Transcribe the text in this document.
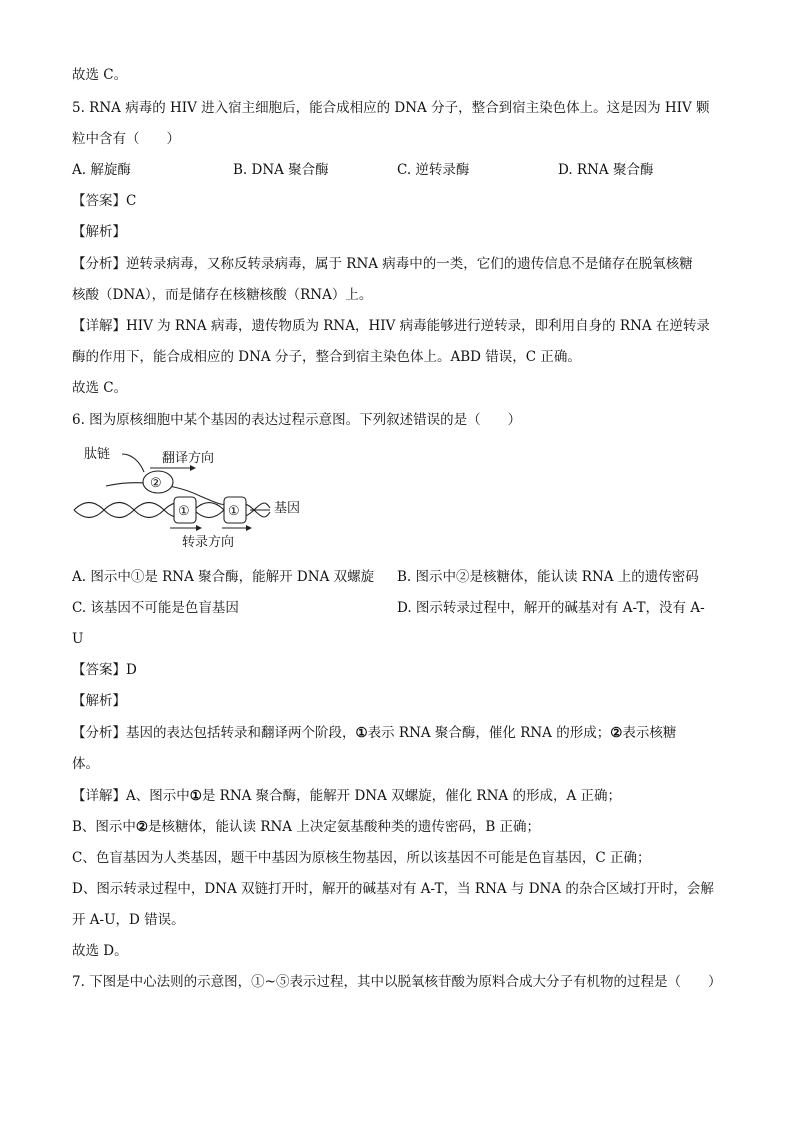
故选 C。
5. RNA 病毒的 HIV 进入宿主细胞后，能合成相应的 DNA 分子，整合到宿主染色体上。这是因为 HIV 颗
粒中含有（　　）
A. 解旋酶	B. DNA 聚合酶	C. 逆转录酶	D. RNA 聚合酶
【答案】C
【解析】
【分析】逆转录病毒，又称反转录病毒，属于 RNA 病毒中的一类，它们的遗传信息不是储存在脱氧核糖
核酸（DNA），而是储存在核糖核酸（RNA）上。
【详解】HIV 为 RNA 病毒，遗传物质为 RNA，HIV 病毒能够进行逆转录，即利用自身的 RNA 在逆转录
酶的作用下，能合成相应的 DNA 分子，整合到宿主染色体上。ABD 错误，C 正确。
故选 C。
6. 图为原核细胞中某个基因的表达过程示意图。下列叙述错误的是（　　）
②
①	①
肽链	翻译方向
基因
转录方向
A. 图示中①是 RNA 聚合酶，能解开 DNA 双螺旋 B. 图示中②是核糖体，能认读 RNA 上的遗传密码
C. 该基因不可能是色盲基因	D. 图示转录过程中，解开的碱基对有 A-T，没有 A-
U
【答案】D
【解析】
【分析】基因的表达包括转录和翻译两个阶段，①表示 RNA 聚合酶，催化 RNA 的形成；②表示核糖
体。
【详解】A、图示中①是 RNA 聚合酶，能解开 DNA 双螺旋，催化 RNA 的形成，A 正确；
B、图示中②是核糖体，能认读 RNA 上决定氨基酸种类的遗传密码，B 正确；
C、色盲基因为人类基因，题干中基因为原核生物基因，所以该基因不可能是色盲基因，C 正确；
D、图示转录过程中，DNA 双链打开时，解开的碱基对有 A-T，当 RNA 与 DNA 的杂合区域打开时，会解
开 A-U，D 错误。
故选 D。
7. 下图是中心法则的示意图，①~⑤表示过程，其中以脱氧核苷酸为原料合成大分子有机物的过程是（　　）
